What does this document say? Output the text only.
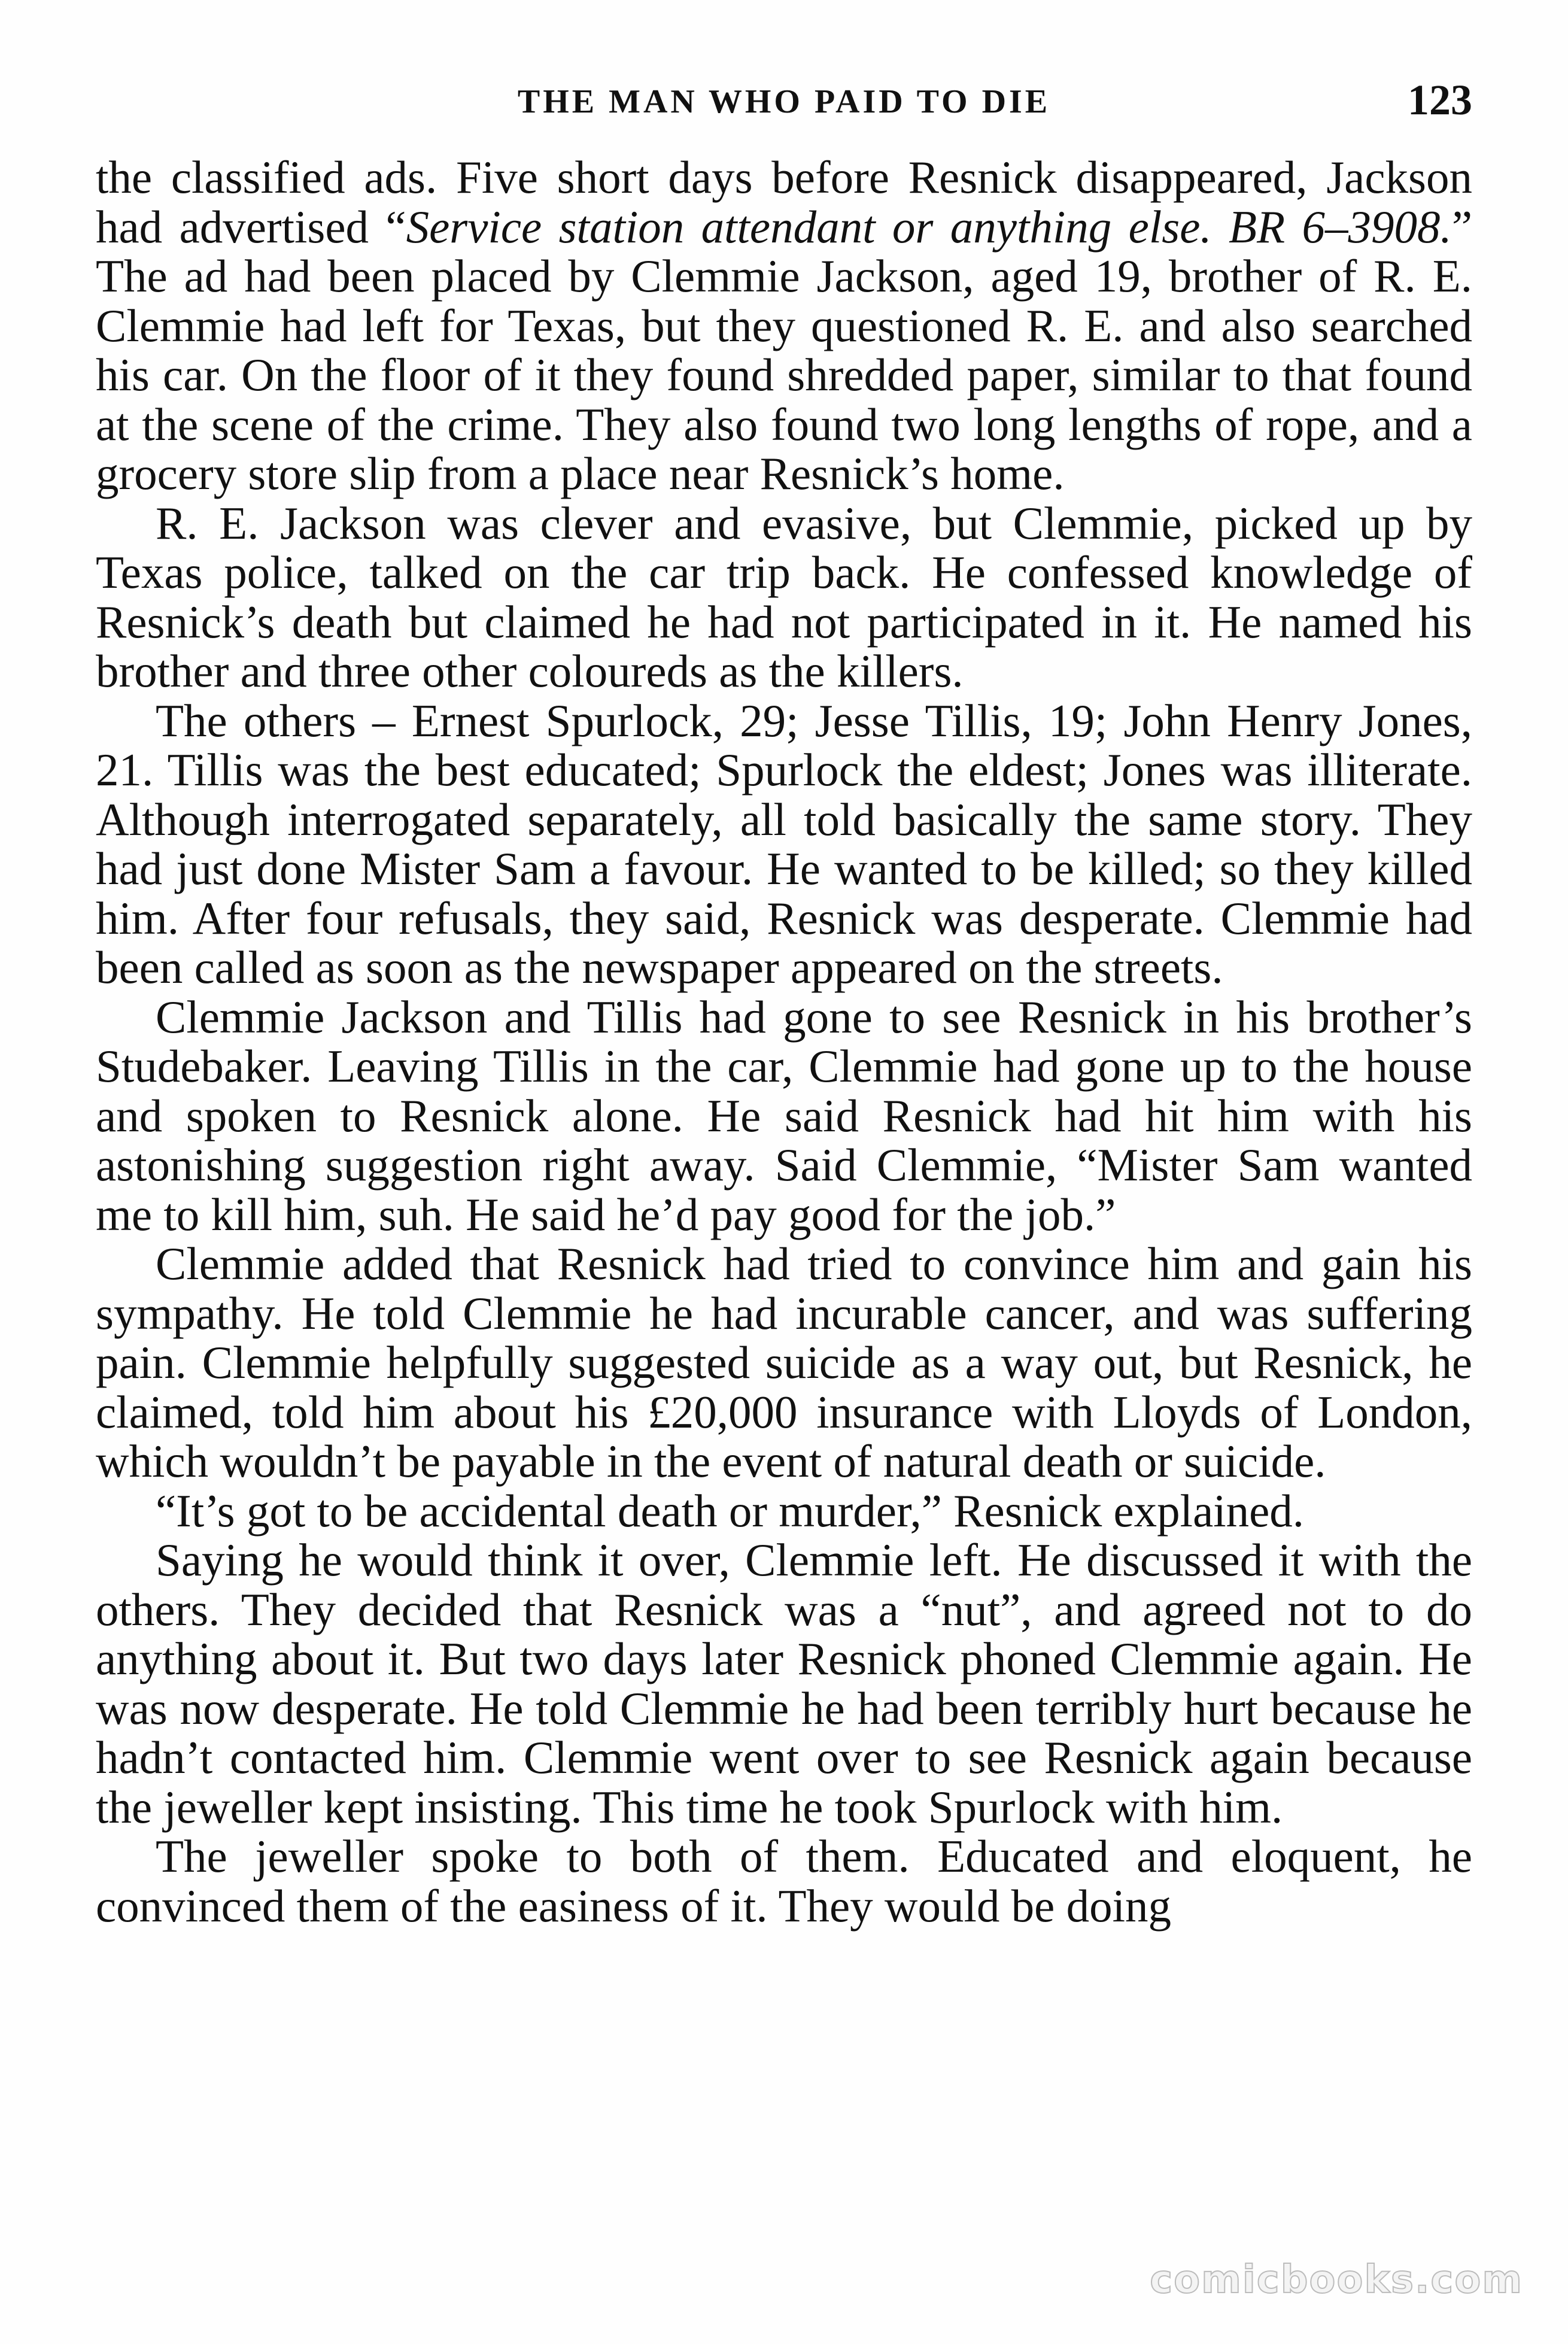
THE MAN WHO PAID TO DIE	123

the classified ads. Five short days before Resnick disappeared, Jackson had advertised “Service station attendant or anything else. BR 6–3908.” The ad had been placed by Clemmie Jackson, aged 19, brother of R. E. Clemmie had left for Texas, but they questioned R. E. and also searched his car. On the floor of it they found shredded paper, similar to that found at the scene of the crime. They also found two long lengths of rope, and a grocery store slip from a place near Resnick’s home.

R. E. Jackson was clever and evasive, but Clemmie, picked up by Texas police, talked on the car trip back. He confessed knowledge of Resnick’s death but claimed he had not participated in it. He named his brother and three other coloureds as the killers.

The others – Ernest Spurlock, 29; Jesse Tillis, 19; John Henry Jones, 21. Tillis was the best educated; Spurlock the eldest; Jones was illiterate. Although interrogated separately, all told basically the same story. They had just done Mister Sam a favour. He wanted to be killed; so they killed him. After four refusals, they said, Resnick was desperate. Clemmie had been called as soon as the newspaper appeared on the streets.

Clemmie Jackson and Tillis had gone to see Resnick in his brother’s Studebaker. Leaving Tillis in the car, Clemmie had gone up to the house and spoken to Resnick alone. He said Resnick had hit him with his astonishing suggestion right away. Said Clemmie, “Mister Sam wanted me to kill him, suh. He said he’d pay good for the job.”

Clemmie added that Resnick had tried to convince him and gain his sympathy. He told Clemmie he had incurable cancer, and was suffering pain. Clemmie helpfully suggested suicide as a way out, but Resnick, he claimed, told him about his £20,000 insurance with Lloyds of London, which wouldn’t be payable in the event of natural death or suicide.

“It’s got to be accidental death or murder,” Resnick explained.

Saying he would think it over, Clemmie left. He discussed it with the others. They decided that Resnick was a “nut”, and agreed not to do anything about it. But two days later Resnick phoned Clemmie again. He was now desperate. He told Clemmie he had been terribly hurt because he hadn’t contacted him. Clemmie went over to see Resnick again because the jeweller kept insisting. This time he took Spurlock with him.

The jeweller spoke to both of them. Educated and eloquent, he convinced them of the easiness of it. They would be doing

comicbooks.com
